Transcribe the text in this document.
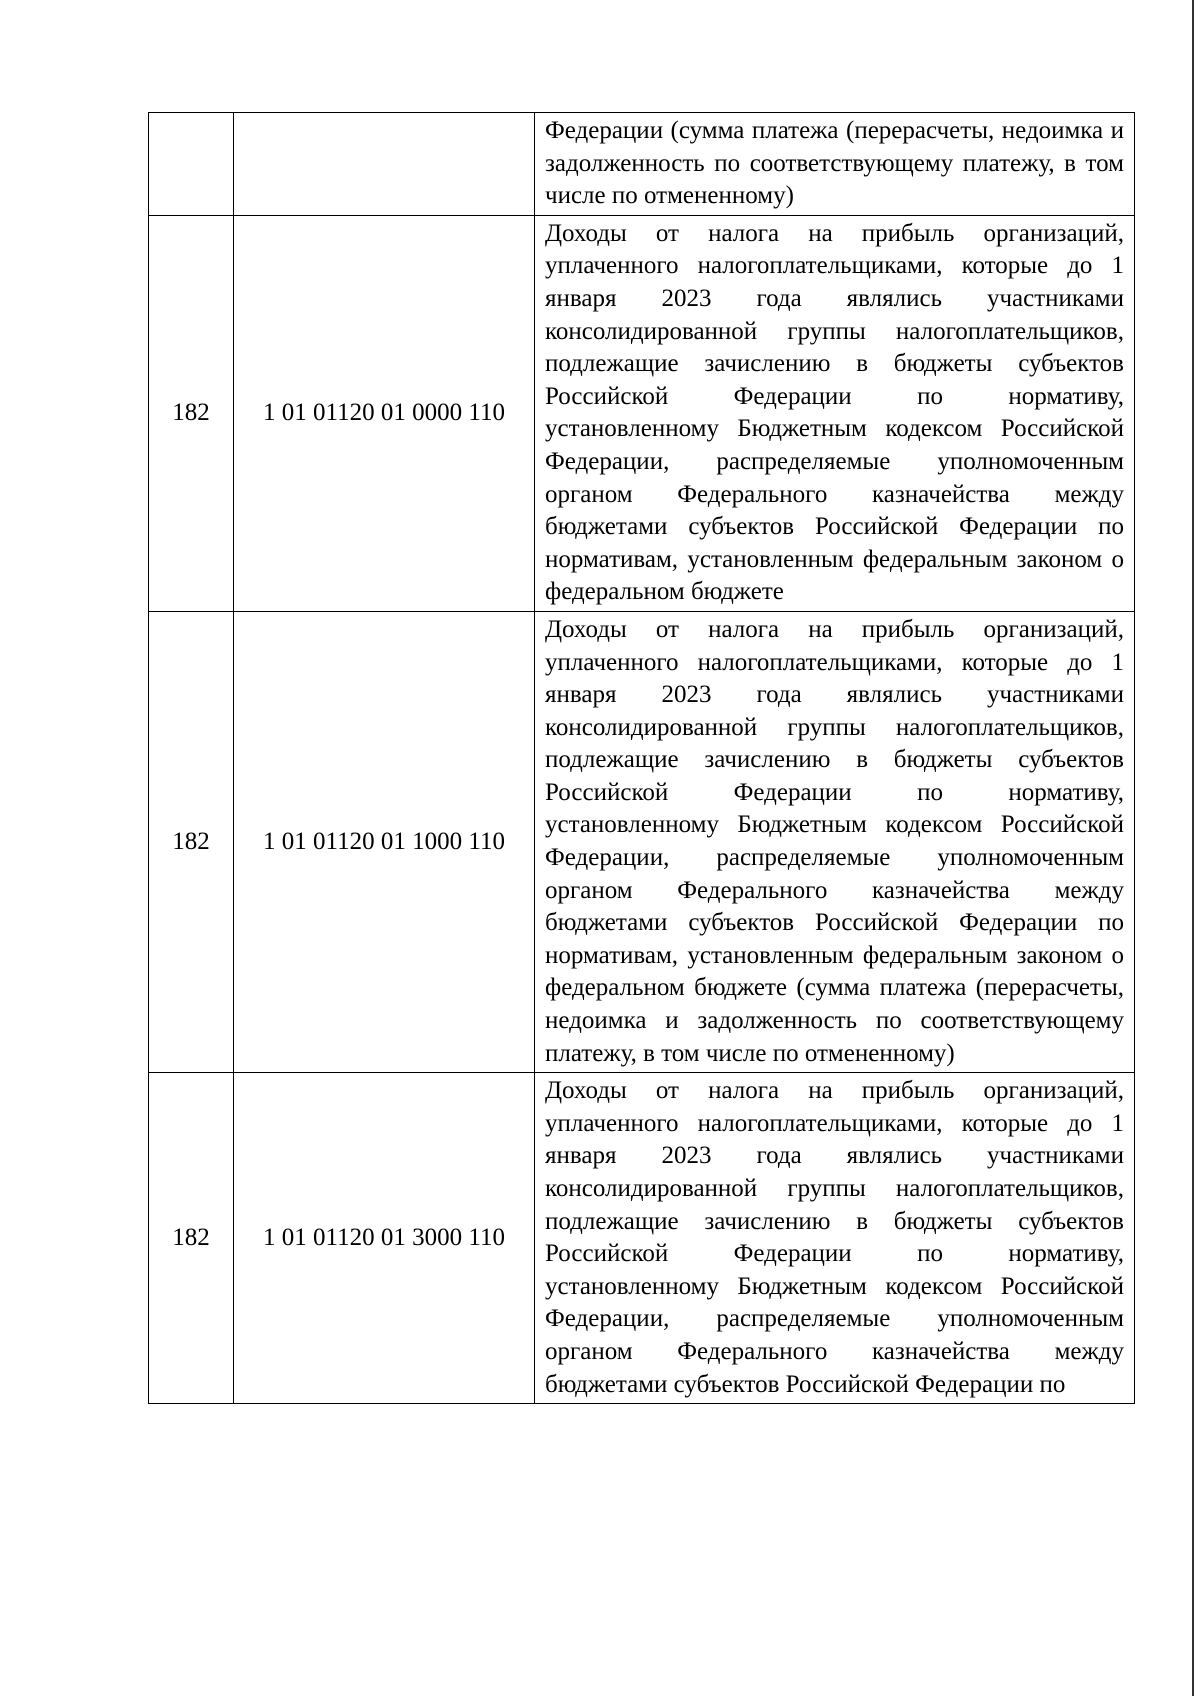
		Федерации (сумма платежа (перерасчеты, недоимка и задолженность по соответствующему платежу, в том числе по отмененному)
182	1 01 01120 01 0000 110	Доходы от налога на прибыль организаций, уплаченного налогоплательщиками, которые до 1 января 2023 года являлись участниками консолидированной группы налогоплательщиков, подлежащие зачислению в бюджеты субъектов Российской Федерации по нормативу, установленному Бюджетным кодексом Российской Федерации, распределяемые уполномоченным органом Федерального казначейства между бюджетами субъектов Российской Федерации по нормативам, установленным федеральным законом о федеральном бюджете
182	1 01 01120 01 1000 110	Доходы от налога на прибыль организаций, уплаченного налогоплательщиками, которые до 1 января 2023 года являлись участниками консолидированной группы налогоплательщиков, подлежащие зачислению в бюджеты субъектов Российской Федерации по нормативу, установленному Бюджетным кодексом Российской Федерации, распределяемые уполномоченным органом Федерального казначейства между бюджетами субъектов Российской Федерации по нормативам, установленным федеральным законом о федеральном бюджете (сумма платежа (перерасчеты, недоимка и задолженность по соответствующему платежу, в том числе по отмененному)
182	1 01 01120 01 3000 110	Доходы от налога на прибыль организаций, уплаченного налогоплательщиками, которые до 1 января 2023 года являлись участниками консолидированной группы налогоплательщиков, подлежащие зачислению в бюджеты субъектов Российской Федерации по нормативу, установленному Бюджетным кодексом Российской Федерации, распределяемые уполномоченным органом Федерального казначейства между бюджетами субъектов Российской Федерации по
